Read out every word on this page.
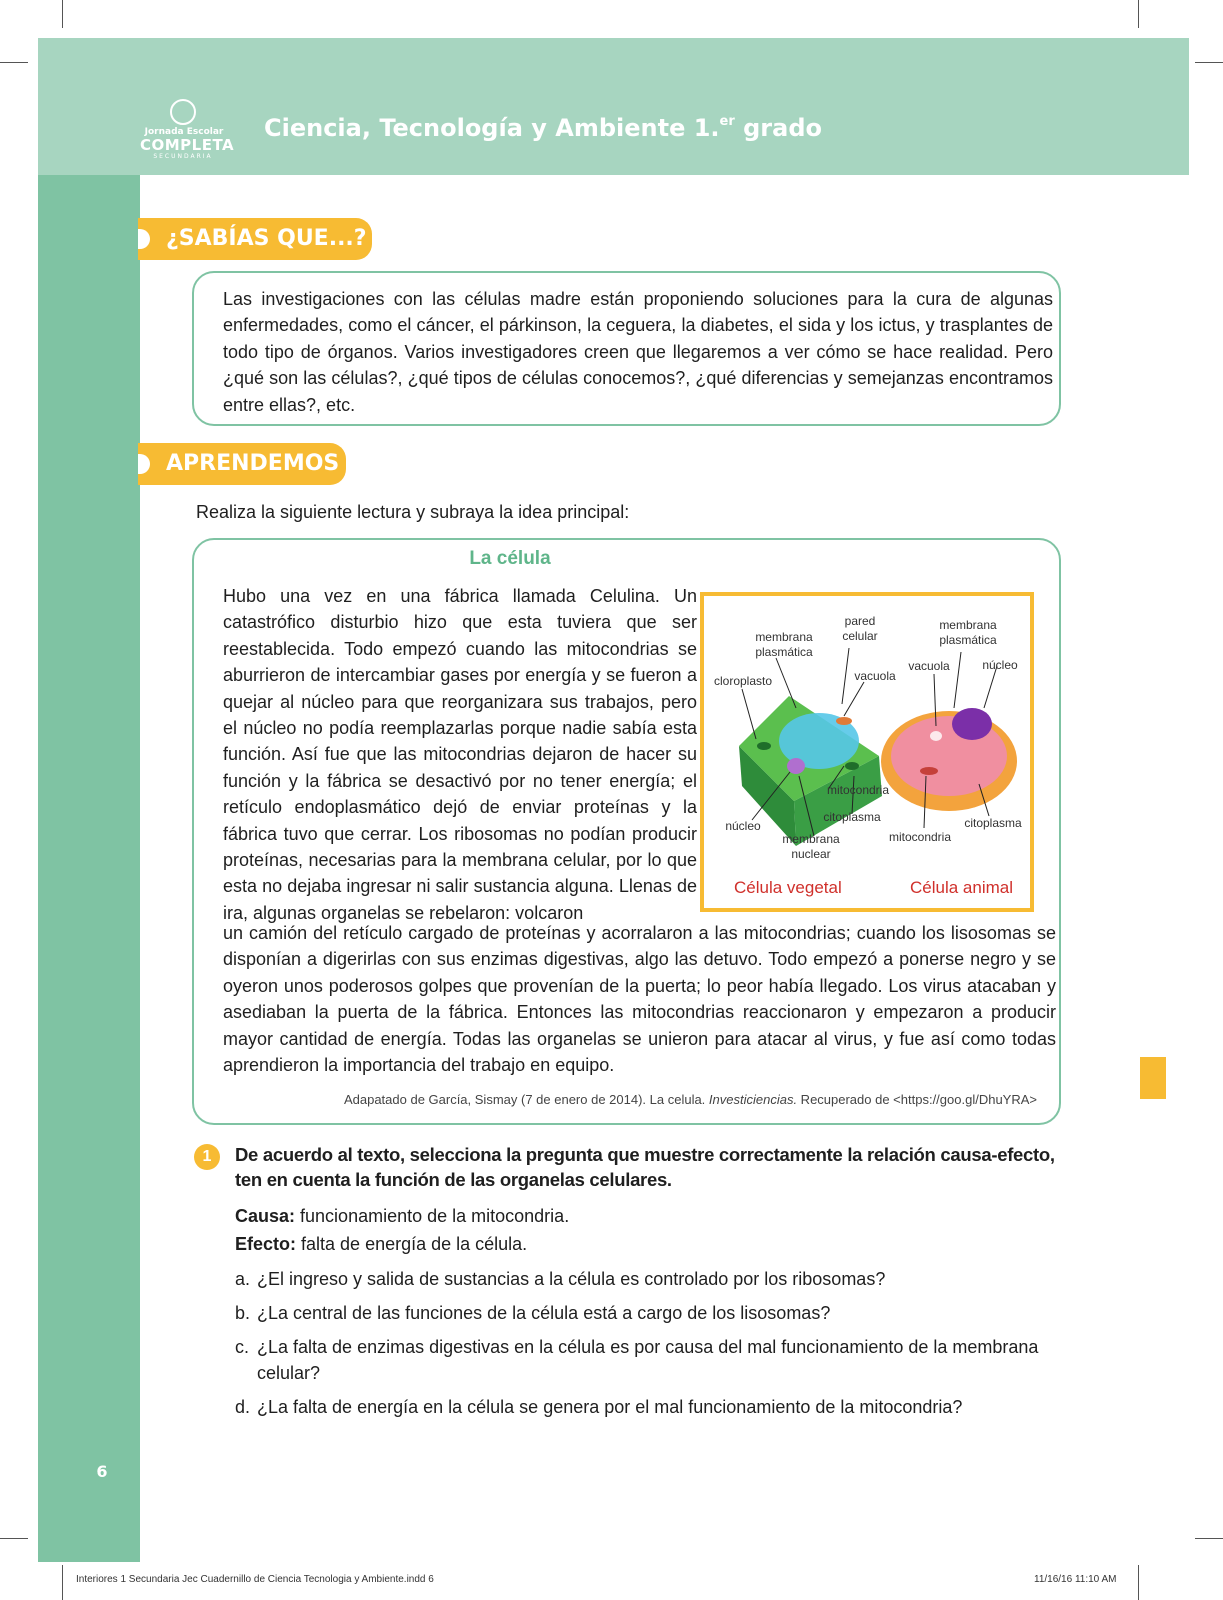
Jornada Escolar
COMPLETA
SECUNDARIA
Ciencia, Tecnología y Ambiente 1.$^{er}$ grado
¿SABÍAS QUE...?
Las investigaciones con las células madre están proponiendo soluciones para la cura de algunas enfermedades, como el cáncer, el párkinson, la ceguera, la diabetes, el sida y los ictus, y trasplantes de todo tipo de órganos. Varios investigadores creen que llegaremos a ver cómo se hace realidad. Pero ¿qué son las células?, ¿qué tipos de células conocemos?, ¿qué diferencias y semejanzas encontramos entre ellas?, etc.
APRENDEMOS
Realiza la siguiente lectura y subraya la idea principal:
La célula
Hubo una vez en una fábrica llamada Celulina. Un catastrófico disturbio hizo que esta tuviera que ser reestablecida. Todo empezó cuando las mitocondrias se aburrieron de intercambiar gases por energía y se fueron a quejar al núcleo para que reorganizara sus trabajos, pero el núcleo no podía reemplazarlas porque nadie sabía esta función. Así fue que las mitocondrias dejaron de hacer su función y la fábrica se desactivó por no tener energía; el retículo endoplasmático dejó de enviar proteínas y la fábrica tuvo que cerrar. Los ribosomas no podían producir proteínas, necesarias para la membrana celular, por lo que esta no dejaba ingresar ni salir sustancia alguna. Llenas de ira, algunas organelas se rebelaron: volcaron
un camión del retículo cargado de proteínas y acorralaron a las mitocondrias; cuando los lisosomas se disponían a digerirlas con sus enzimas digestivas, algo las detuvo. Todo empezó a ponerse negro y se oyeron unos poderosos golpes que provenían de la puerta; lo peor había llegado. Los virus atacaban y asediaban la puerta de la fábrica. Entonces las mitocondrias reaccionaron y empezaron a producir mayor cantidad de energía. Todas las organelas se unieron para atacar al virus, y fue así como todas aprendieron la importancia del trabajo en equipo.
Adapatado de García, Sismay (7 de enero de 2014). La celula. Investiciencias. Recuperado de <https://goo.gl/DhuYRA>
membrana plasmática
pared celular
cloroplasto	vacuola
mitocondria
citoplasma
núcleo
membrana nuclear
membrana plasmática
vacuola	núcleo
citoplasma
mitocondria
Célula vegetal	Célula animal
1	De acuerdo al texto, selecciona la pregunta que muestre correctamente la relación causa-efecto, ten en cuenta la función de las organelas celulares.
Causa: funcionamiento de la mitocondria.
Efecto: falta de energía de la célula.
a. ¿El ingreso y salida de sustancias a la célula es controlado por los ribosomas?
b. ¿La central de las funciones de la célula está a cargo de los lisosomas?
c. ¿La falta de enzimas digestivas en la célula es por causa del mal funcionamiento de la membrana
celular?
d. ¿La falta de energía en la célula se genera por el mal funcionamiento de la mitocondria?
6
Interiores 1 Secundaria Jec Cuadernillo de Ciencia Tecnologia y Ambiente.indd 6	11/16/16 11:10 AM
